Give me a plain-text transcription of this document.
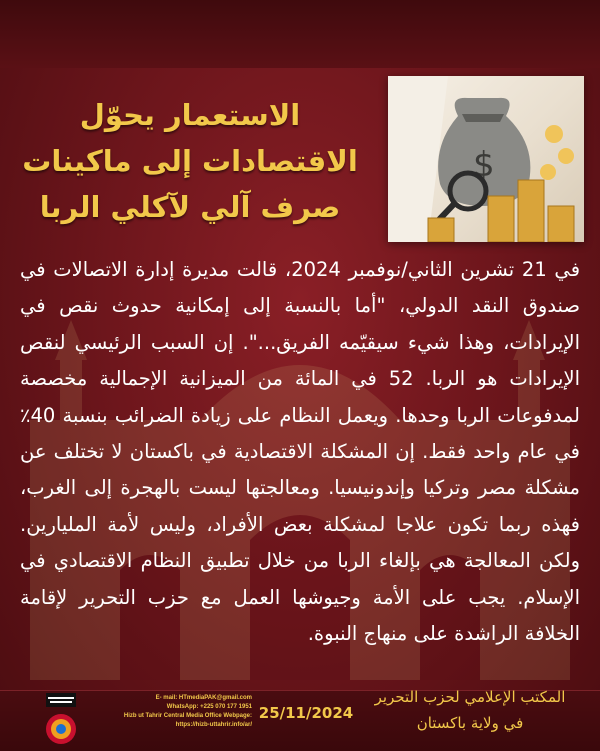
$
الاستعمار يحوّل
الاقتصادات إلى ماكينات
صرف آلي لآكلي الربا
في 21 تشرين الثاني/نوفمبر 2024، قالت مديرة إدارة الاتصالات في صندوق النقد الدولي، "أما بالنسبة إلى إمكانية حدوث نقص في الإيرادات، وهذا شيء سيقيّمه الفريق...". إن السبب الرئيسي لنقص الإيرادات هو الربا. 52 في المائة من الميزانية الإجمالية مخصصة لمدفوعات الربا وحدها. ويعمل النظام على زيادة الضرائب بنسبة 40٪ في عام واحد فقط. إن المشكلة الاقتصادية في باكستان لا تختلف عن مشكلة مصر وتركيا وإندونيسيا. ومعالجتها ليست بالهجرة إلى الغرب، فهذه ربما تكون علاجا لمشكلة بعض الأفراد، وليس لأمة المليارين. ولكن المعالجة هي بإلغاء الربا من خلال تطبيق النظام الاقتصادي في الإسلام. يجب على الأمة وجيوشها العمل مع حزب التحرير لإقامة الخلافة الراشدة على منهاج النبوة.
المكتب الإعلامي لحزب التحرير
في ولاية باكستان
25/11/2024
E- mail: HTmediaPAK@gmail.com
WhatsApp: +225 070 177 1951
Hizb ut Tahrir Central Media Office Webpage:
https://hizb-uttahrir.info/ar/
